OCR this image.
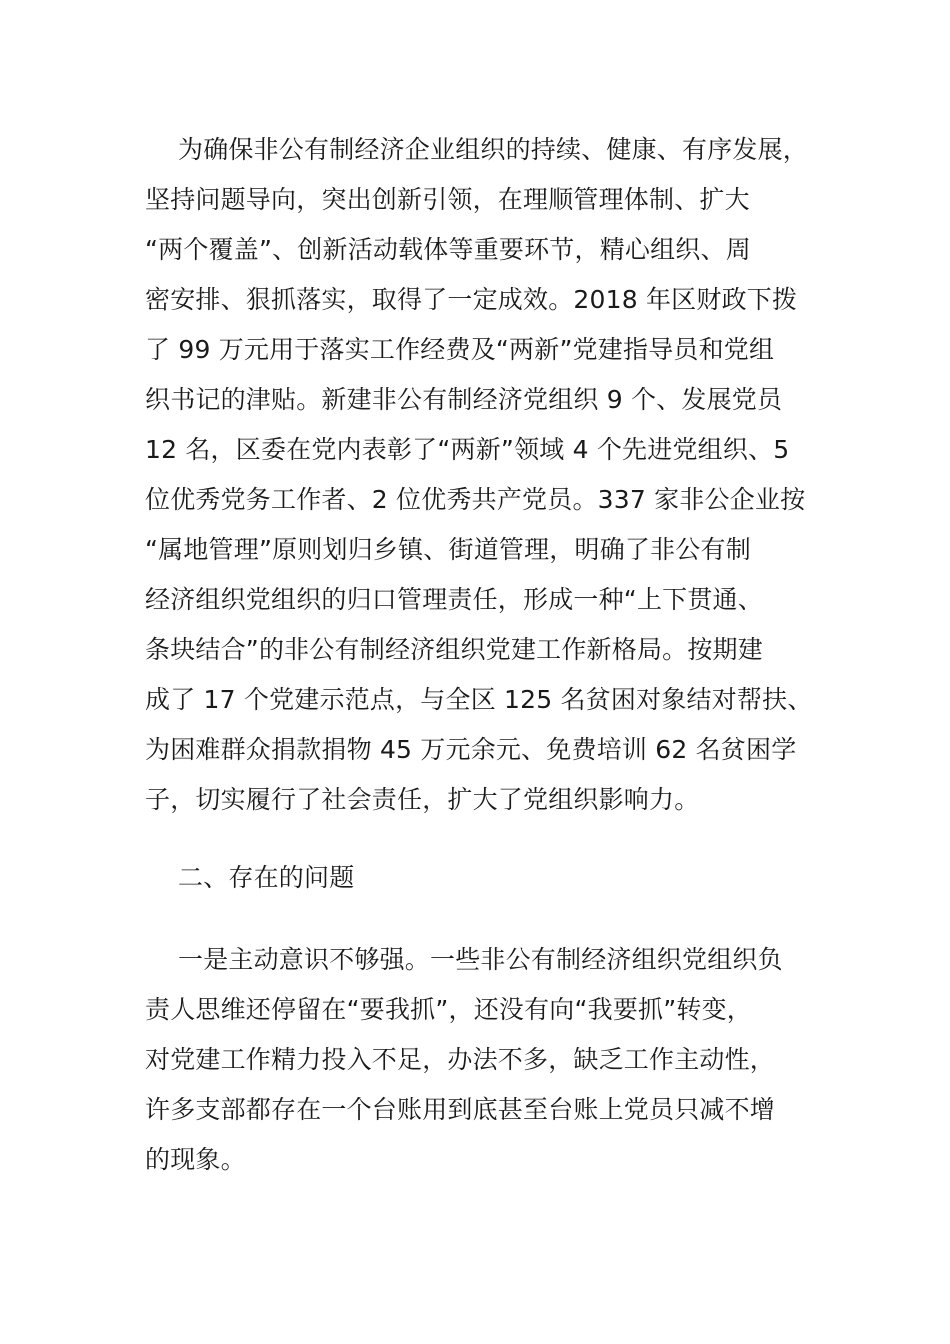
为确保非公有制经济企业组织的持续、健康、有序发展，
坚持问题导向，突出创新引领，在理顺管理体制、扩大
“两个覆盖”、创新活动载体等重要环节，精心组织、周
密安排、狠抓落实，取得了一定成效。2018 年区财政下拨
了 99 万元用于落实工作经费及“两新”党建指导员和党组
织书记的津贴。新建非公有制经济党组织 9 个、发展党员
12 名，区委在党内表彰了“两新”领域 4 个先进党组织、5
位优秀党务工作者、2 位优秀共产党员。337 家非公企业按
“属地管理”原则划归乡镇、街道管理，明确了非公有制
经济组织党组织的归口管理责任，形成一种“上下贯通、
条块结合”的非公有制经济组织党建工作新格局。按期建
成了 17 个党建示范点，与全区 125 名贫困对象结对帮扶、
为困难群众捐款捐物 45 万元余元、免费培训 62 名贫困学
子，切实履行了社会责任，扩大了党组织影响力。
二、存在的问题
一是主动意识不够强。一些非公有制经济组织党组织负
责人思维还停留在“要我抓”，还没有向“我要抓”转变，
对党建工作精力投入不足，办法不多，缺乏工作主动性，
许多支部都存在一个台账用到底甚至台账上党员只减不增
的现象。
